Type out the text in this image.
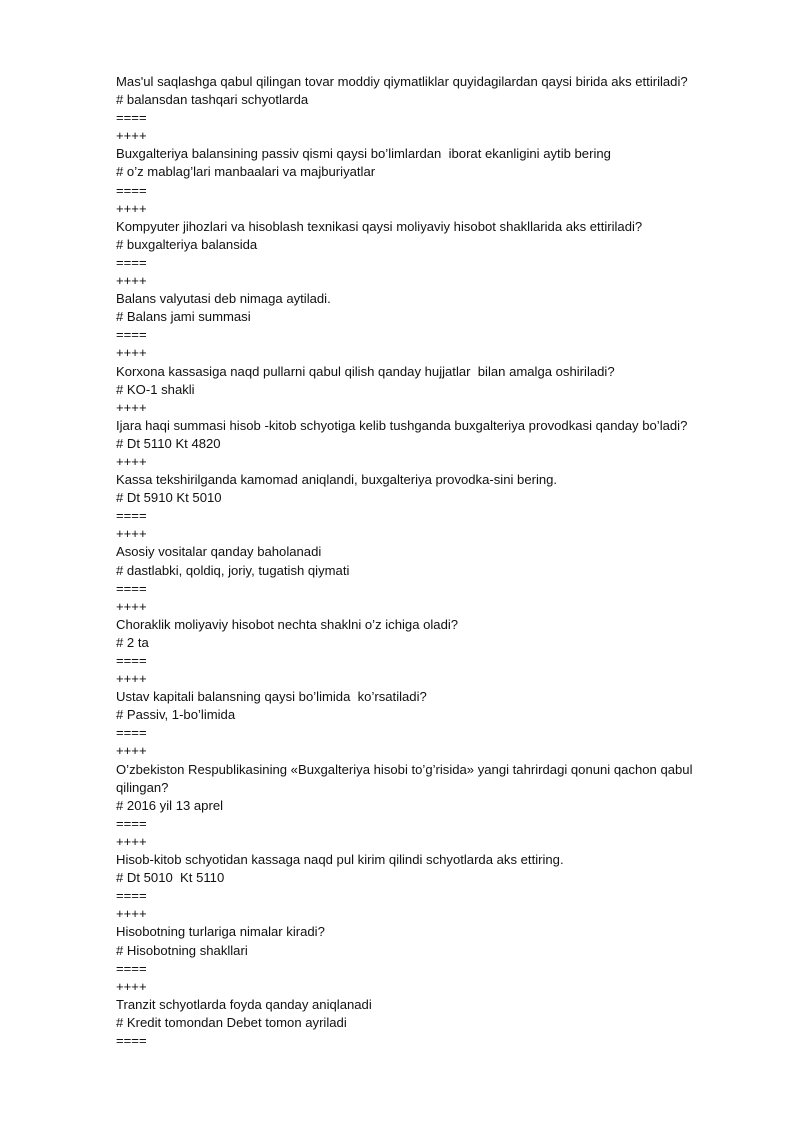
Mas'ul saqlashga qabul qilingan tovar moddiy qiymatliklar quyidagilardan qaysi birida aks ettiriladi?
# balansdan tashqari schyotlarda
====
++++
Buxgalteriya balansining passiv qismi qaysi bo’limlardan  iborat ekanligini aytib bering
# o’z mablag’lari manbaalari va majburiyatlar
====
++++
Kompyuter jihozlari va hisoblash texnikasi qaysi moliyaviy hisobot shakllarida aks ettiriladi?
# buxgalteriya balansida
====
++++
Balans valyutasi deb nimaga aytiladi.
# Balans jami summasi
====
++++
Korxona kassasiga naqd pullarni qabul qilish qanday hujjatlar  bilan amalga oshiriladi?
# KO-1 shakli
++++
Ijara haqi summasi hisob -kitob schyotiga kelib tushganda buxgalteriya provodkasi qanday bo’ladi?
# Dt 5110 Kt 4820
++++
Kassa tekshirilganda kamomad aniqlandi, buxgalteriya provodka-sini bering.
# Dt 5910 Kt 5010
====
++++
Asosiy vositalar qanday baholanadi
# dastlabki, qoldiq, joriy, tugatish qiymati
====
++++
Choraklik moliyaviy hisobot nechta shaklni o’z ichiga oladi?
# 2 ta
====
++++
Ustav kapitali balansning qaysi bo’limida  ko’rsatiladi?
# Passiv, 1-bo’limida
====
++++
O’zbekiston Respublikasining «Buxgalteriya hisobi to’g’risida» yangi tahrirdagi qonuni qachon qabul qilingan?
# 2016 yil 13 aprel
====
++++
Hisob-kitob schyotidan kassaga naqd pul kirim qilindi schyotlarda aks ettiring.
# Dt 5010  Kt 5110
====
++++
Hisobotning turlariga nimalar kiradi?
# Hisobotning shakllari
====
++++
Tranzit schyotlarda foyda qanday aniqlanadi
# Kredit tomondan Debet tomon ayriladi
====
